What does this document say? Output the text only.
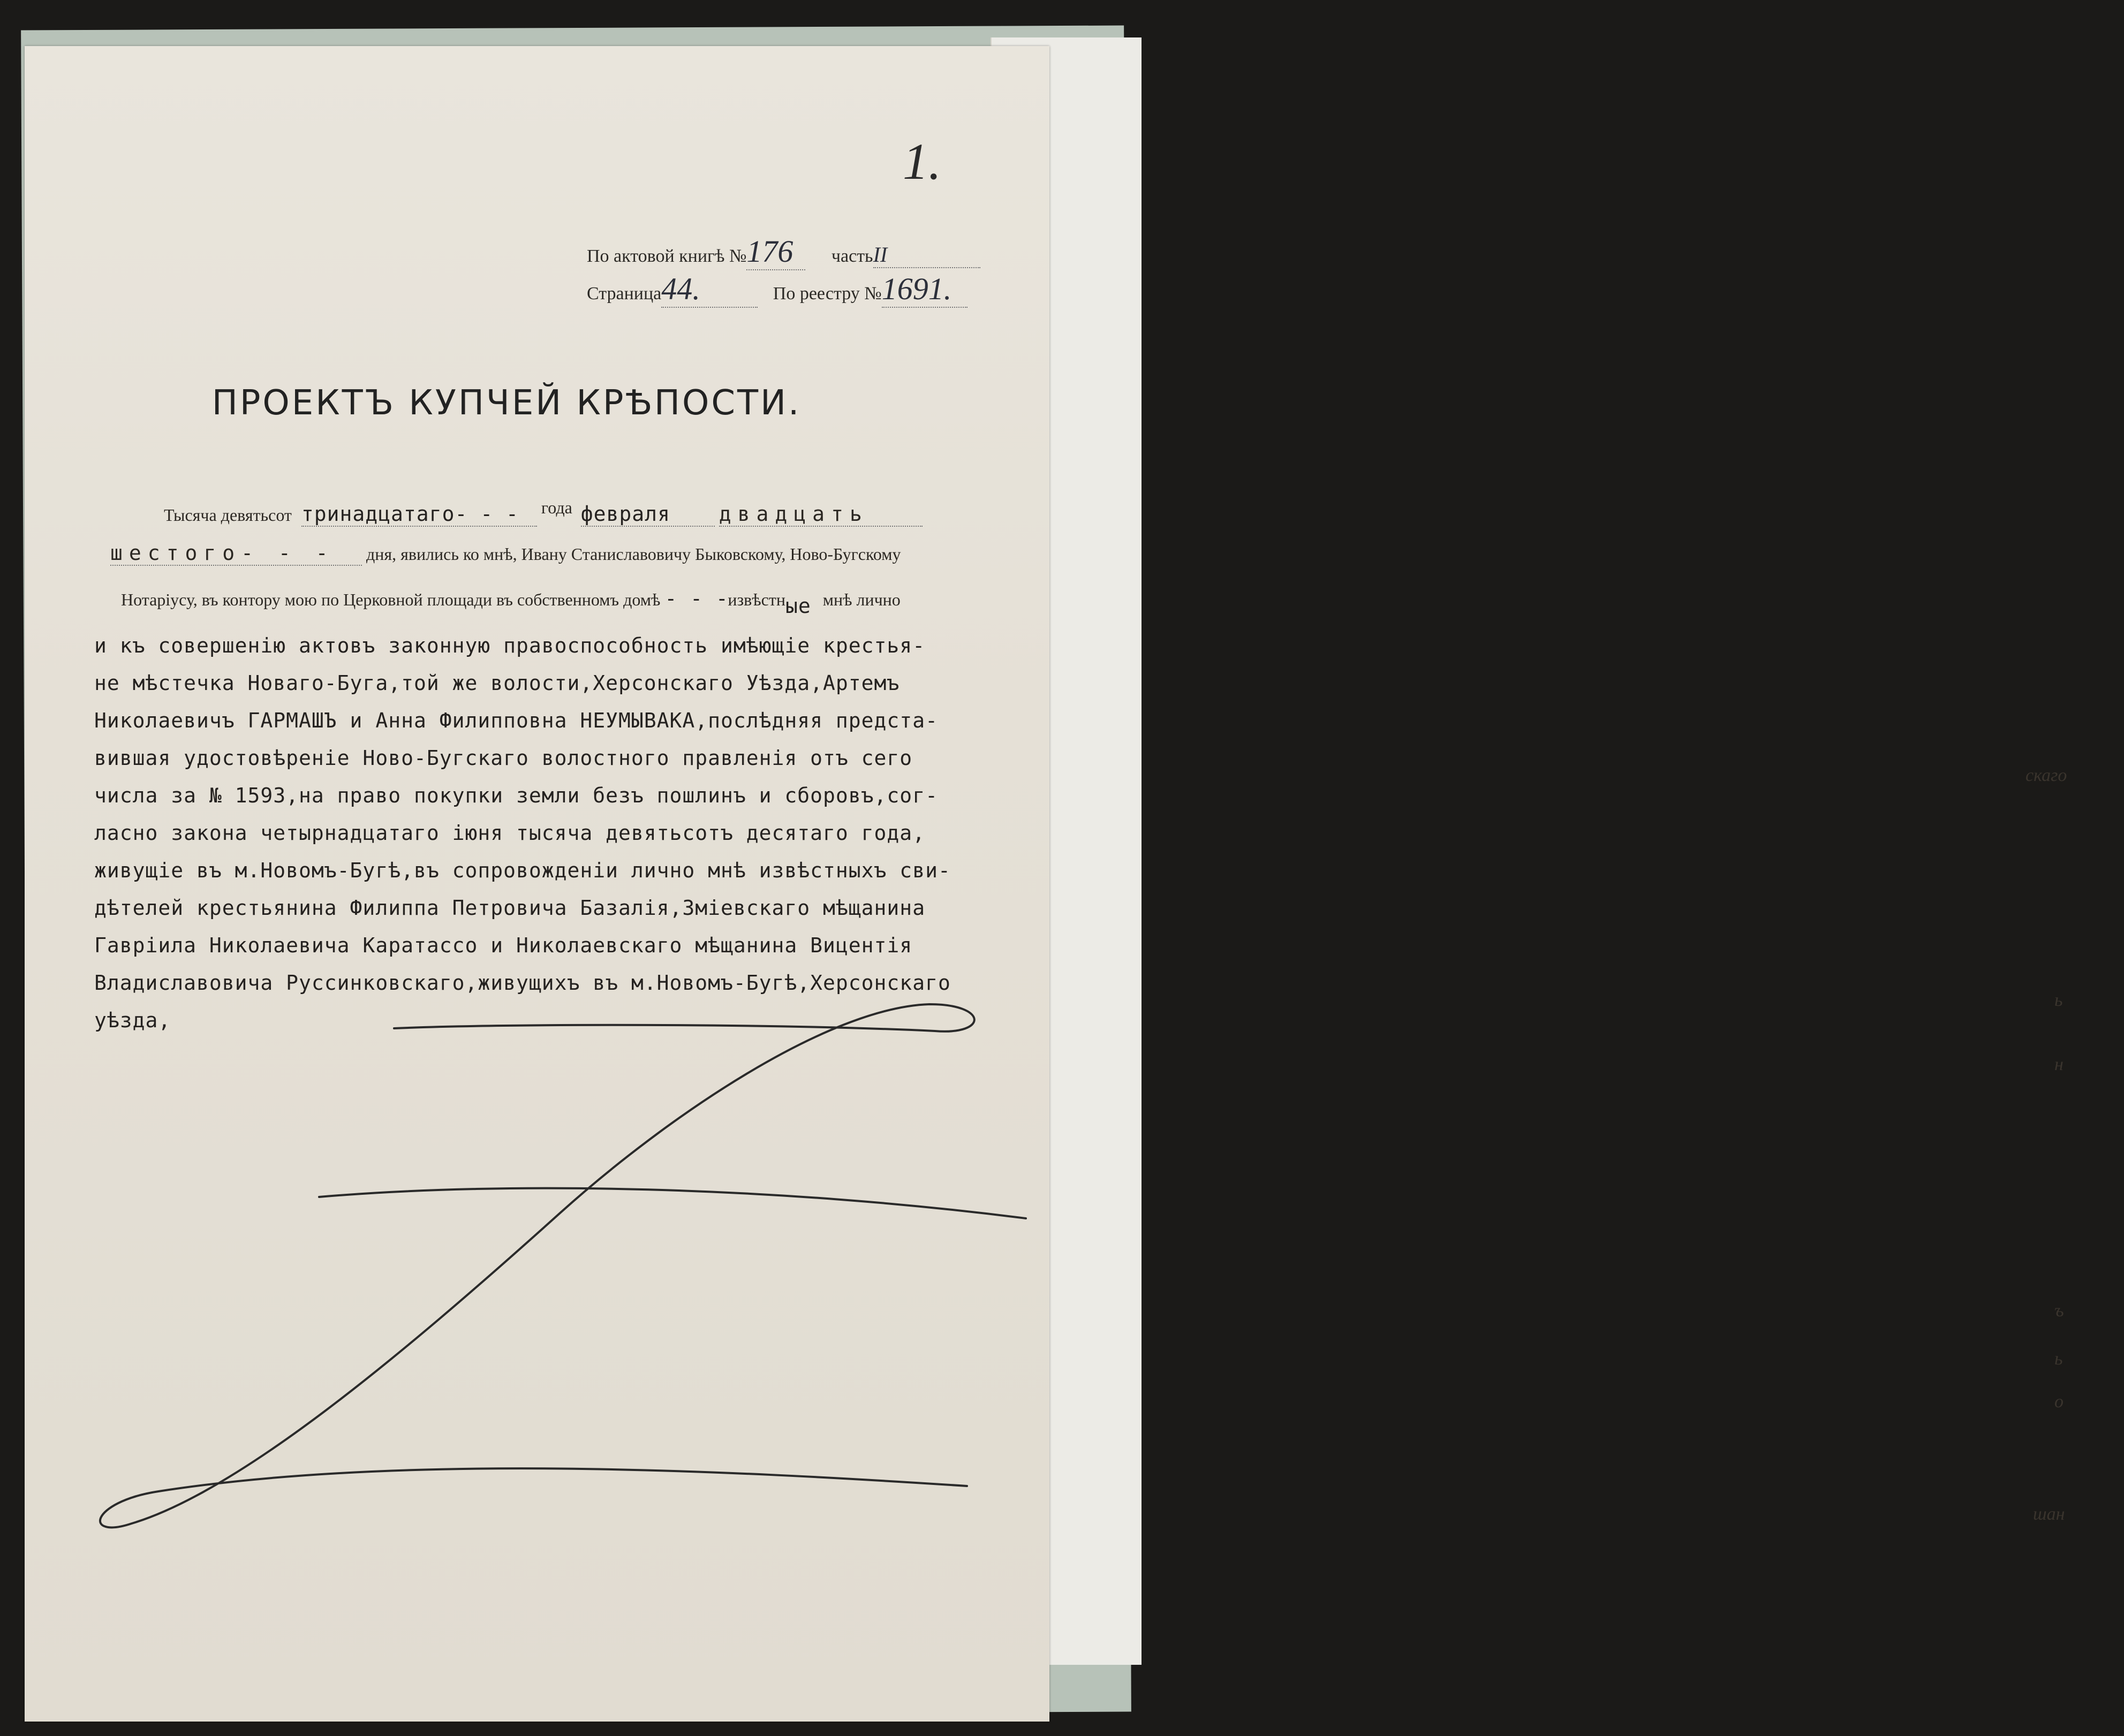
скаго
ь
н
ъ
ь
о
шан
1.
По актовой книгѣ №176 частьII
Страница44.	По реестру №1691.
ПРОЕКТЪ КУПЧЕЙ КРѢПОСТИ.
Тысяча девятьсот тринадцатаго- - - года февраля двадцать
шестого- - - дня, явились ко мнѣ, Ивану Станиславовичу Быковскому, Ново-Бугскому
Нотаріусу, въ контору мою по Церковной площади въ собственномъ домѣ - - - извѣстные мнѣ лично
и къ совершенію актовъ законную правоспособность имѣющіе крестья-
не мѣстечка Новаго-Буга,той же волости,Херсонскаго Уѣзда,Артемъ
Николаевичъ ГАРМАШЪ и Анна Филипповна НЕУМЫВАКА,послѣдняя предста-
вившая удостовѣреніе Ново-Бугскаго волостного правленія отъ сего
числа за № 1593,на право покупки земли безъ пошлинъ и сборовъ,сог-
ласно закона четырнадцатаго іюня тысяча девятьсотъ десятаго года,
живущіе въ м.Новомъ-Бугѣ,въ сопровожденіи лично мнѣ извѣстныхъ сви-
дѣтелей крестьянина Филиппа Петровича Базалія,Зміевскаго мѣщанина
Гавріила Николаевича Каратассо и Николаевскаго мѣщанина Вицентія
Владиславовича Руссинковскаго,живущихъ въ м.Новомъ-Бугѣ,Херсонскаго
уѣзда,
